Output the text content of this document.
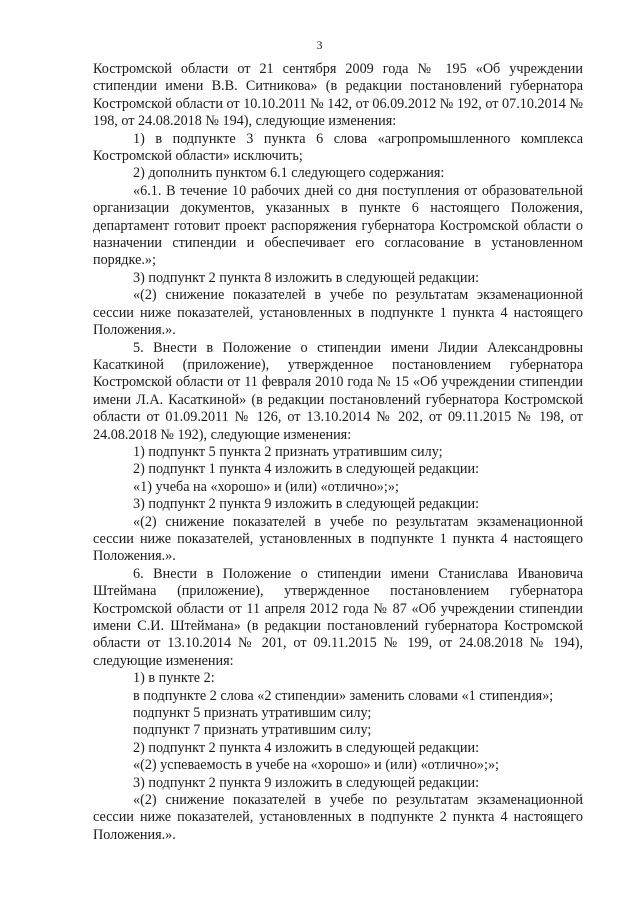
3

Костромской области от 21 сентября 2009 года № 195 «Об учреждении стипендии имени В.В. Ситникова» (в редакции постановлений губернатора Костромской области от 10.10.2011 № 142, от 06.09.2012 № 192, от 07.10.2014 № 198, от 24.08.2018 № 194), следующие изменения:

1) в подпункте 3 пункта 6 слова «агропромышленного комплекса Костромской области» исключить;

2) дополнить пунктом 6.1 следующего содержания:

«6.1. В течение 10 рабочих дней со дня поступления от образовательной организации документов, указанных в пункте 6 настоящего Положения, департамент готовит проект распоряжения губернатора Костромской области о назначении стипендии и обеспечивает его согласование в установленном порядке.»;

3) подпункт 2 пункта 8 изложить в следующей редакции:

«(2) снижение показателей в учебе по результатам экзаменационной сессии ниже показателей, установленных в подпункте 1 пункта 4 настоящего Положения.».

5. Внести в Положение о стипендии имени Лидии Александровны Касаткиной (приложение), утвержденное постановлением губернатора Костромской области от 11 февраля 2010 года № 15 «Об учреждении стипендии имени Л.А. Касаткиной» (в редакции постановлений губернатора Костромской области от 01.09.2011 № 126, от 13.10.2014 № 202, от 09.11.2015 № 198, от 24.08.2018 № 192), следующие изменения:

1) подпункт 5 пункта 2 признать утратившим силу;

2) подпункт 1 пункта 4 изложить в следующей редакции:

«1) учеба на «хорошо» и (или) «отлично»;»;

3) подпункт 2 пункта 9 изложить в следующей редакции:

«(2) снижение показателей в учебе по результатам экзаменационной сессии ниже показателей, установленных в подпункте 1 пункта 4 настоящего Положения.».

6. Внести в Положение о стипендии имени Станислава Ивановича Штеймана (приложение), утвержденное постановлением губернатора Костромской области от 11 апреля 2012 года № 87 «Об учреждении стипендии имени С.И. Штеймана» (в редакции постановлений губернатора Костромской области от 13.10.2014 № 201, от 09.11.2015 № 199, от 24.08.2018 № 194), следующие изменения:

1) в пункте 2:

в подпункте 2 слова «2 стипендии» заменить словами «1 стипендия»;

подпункт 5 признать утратившим силу;

подпункт 7 признать утратившим силу;

2) подпункт 2 пункта 4 изложить в следующей редакции:

«(2) успеваемость в учебе на «хорошо» и (или) «отлично»;»;

3) подпункт 2 пункта 9 изложить в следующей редакции:

«(2) снижение показателей в учебе по результатам экзаменационной сессии ниже показателей, установленных в подпункте 2 пункта 4 настоящего Положения.».
